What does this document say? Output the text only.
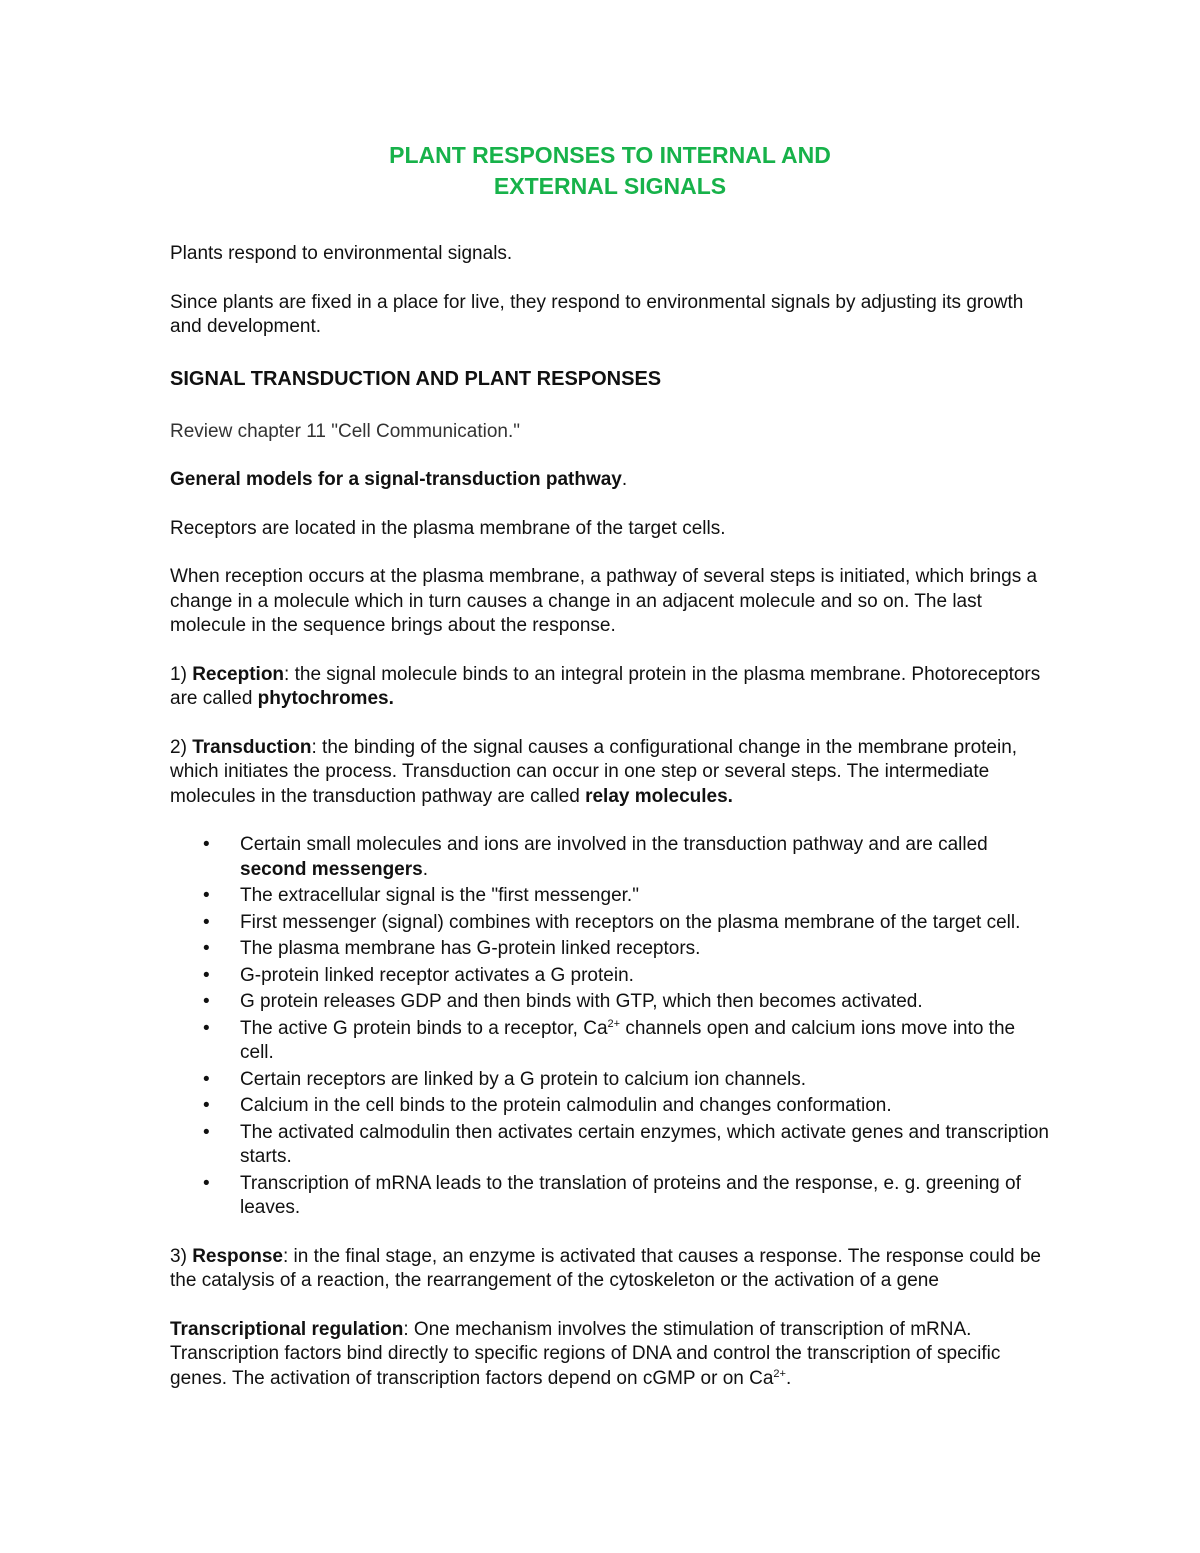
PLANT RESPONSES TO INTERNAL AND
EXTERNAL SIGNALS

Plants respond to environmental signals.

Since plants are fixed in a place for live, they respond to environmental signals by adjusting its growth and development.

SIGNAL TRANSDUCTION AND PLANT RESPONSES

Review chapter 11 "Cell Communication."

General models for a signal-transduction pathway.

Receptors are located in the plasma membrane of the target cells.

When reception occurs at the plasma membrane, a pathway of several steps is initiated, which brings a change in a molecule which in turn causes a change in an adjacent molecule and so on. The last molecule in the sequence brings about the response.

1) Reception: the signal molecule binds to an integral protein in the plasma membrane. Photoreceptors are called phytochromes.

2) Transduction: the binding of the signal causes a configurational change in the membrane protein, which initiates the process. Transduction can occur in one step or several steps. The intermediate molecules in the transduction pathway are called relay molecules.

• Certain small molecules and ions are involved in the transduction pathway and are called second messengers.
• The extracellular signal is the "first messenger."
• First messenger (signal) combines with receptors on the plasma membrane of the target cell.
• The plasma membrane has G-protein linked receptors.
• G-protein linked receptor activates a G protein.
• G protein releases GDP and then binds with GTP, which then becomes activated.
• The active G protein binds to a receptor, $Ca^{2+}$ channels open and calcium ions move into the cell.
• Certain receptors are linked by a G protein to calcium ion channels.
• Calcium in the cell binds to the protein calmodulin and changes conformation.
• The activated calmodulin then activates certain enzymes, which activate genes and transcription starts.
• Transcription of mRNA leads to the translation of proteins and the response, e. g. greening of leaves.

3) Response: in the final stage, an enzyme is activated that causes a response. The response could be the catalysis of a reaction, the rearrangement of the cytoskeleton or the activation of a gene

Transcriptional regulation: One mechanism involves the stimulation of transcription of mRNA. Transcription factors bind directly to specific regions of DNA and control the transcription of specific genes. The activation of transcription factors depend on cGMP or on $Ca^{2+}$.
